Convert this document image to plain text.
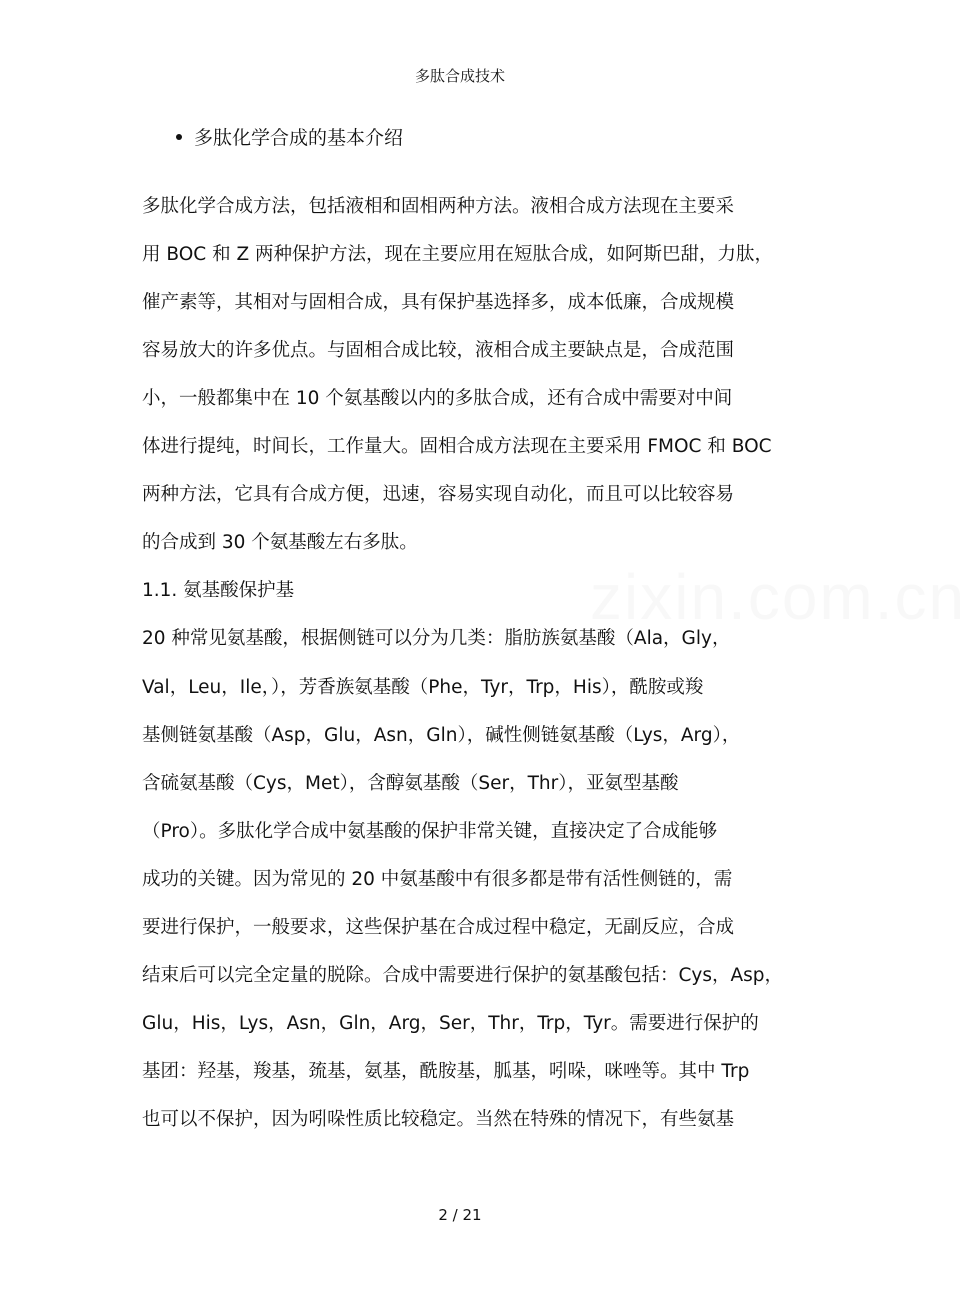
zixin.com.cn
多肽合成技术
多肽化学合成的基本介绍
多肽化学合成方法，包括液相和固相两种方法。液相合成方法现在主要采
用 BOC 和 Z 两种保护方法，现在主要应用在短肽合成，如阿斯巴甜，力肽，
催产素等，其相对与固相合成，具有保护基选择多，成本低廉，合成规模
容易放大的许多优点。与固相合成比较，液相合成主要缺点是，合成范围
小，一般都集中在 10 个氨基酸以内的多肽合成，还有合成中需要对中间
体进行提纯，时间长，工作量大。固相合成方法现在主要采用 FMOC 和 BOC
两种方法，它具有合成方便，迅速，容易实现自动化，而且可以比较容易
的合成到 30 个氨基酸左右多肽。
1.1. 氨基酸保护基
20 种常见氨基酸，根据侧链可以分为几类：脂肪族氨基酸（Ala，Gly，
Val，Leu，Ile，），芳香族氨基酸（Phe，Tyr，Trp，His），酰胺或羧
基侧链氨基酸（Asp，Glu，Asn，Gln），碱性侧链氨基酸（Lys，Arg），
含硫氨基酸（Cys，Met），含醇氨基酸（Ser，Thr），亚氨型基酸
（Pro）。多肽化学合成中氨基酸的保护非常关键，直接决定了合成能够
成功的关键。因为常见的 20 中氨基酸中有很多都是带有活性侧链的，需
要进行保护，一般要求，这些保护基在合成过程中稳定，无副反应，合成
结束后可以完全定量的脱除。合成中需要进行保护的氨基酸包括：Cys，Asp，
Glu，His，Lys，Asn，Gln，Arg，Ser，Thr，Trp，Tyr。需要进行保护的
基团：羟基，羧基，巯基，氨基，酰胺基，胍基，吲哚，咪唑等。其中 Trp
也可以不保护，因为吲哚性质比较稳定。当然在特殊的情况下，有些氨基
2 / 21
